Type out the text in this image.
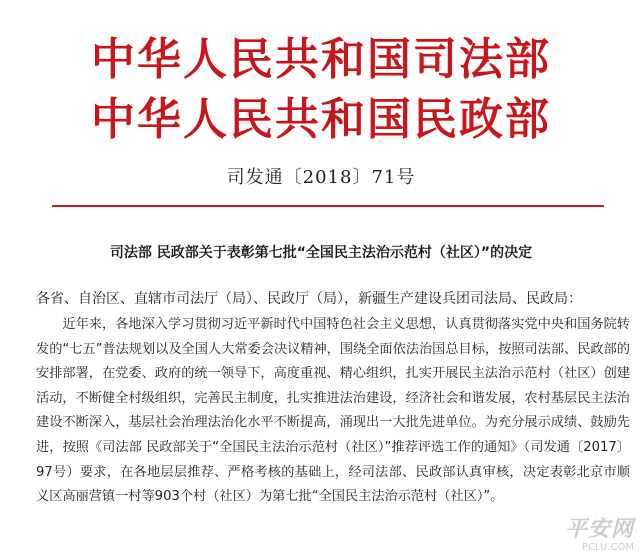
中华人民共和国司法部
中华人民共和国民政部
司发通〔2018〕71号
司法部 民政部关于表彰第七批“全国民主法治示范村（社区）”的决定
各省、自治区、直辖市司法厅（局）、民政厅（局），新疆生产建设兵团司法局、民政局：

近年来，各地深入学习贯彻习近平新时代中国特色社会主义思想，认真贯彻落实党中央和国务院转发的“七五”普法规划以及全国人大常委会决议精神，围绕全面依法治国总目标，按照司法部、民政部的安排部署，在党委、政府的统一领导下，高度重视、精心组织，扎实开展民主法治示范村（社区）创建活动，不断健全村级组织，完善民主制度，扎实推进法治建设，经济社会和谐发展，农村基层民主法治建设不断深入，基层社会治理法治化水平不断提高，涌现出一大批先进单位。为充分展示成绩、鼓励先进，按照《司法部 民政部关于“全国民主法治示范村（社区）”推荐评选工作的通知》（司发通〔2017〕97号）要求，在各地层层推荐、严格考核的基础上，经司法部、民政部认真审核，决定表彰北京市顺义区高丽营镇一村等903个村（社区）为第七批“全国民主法治示范村（社区）”。

平安网
PCLU.COM
